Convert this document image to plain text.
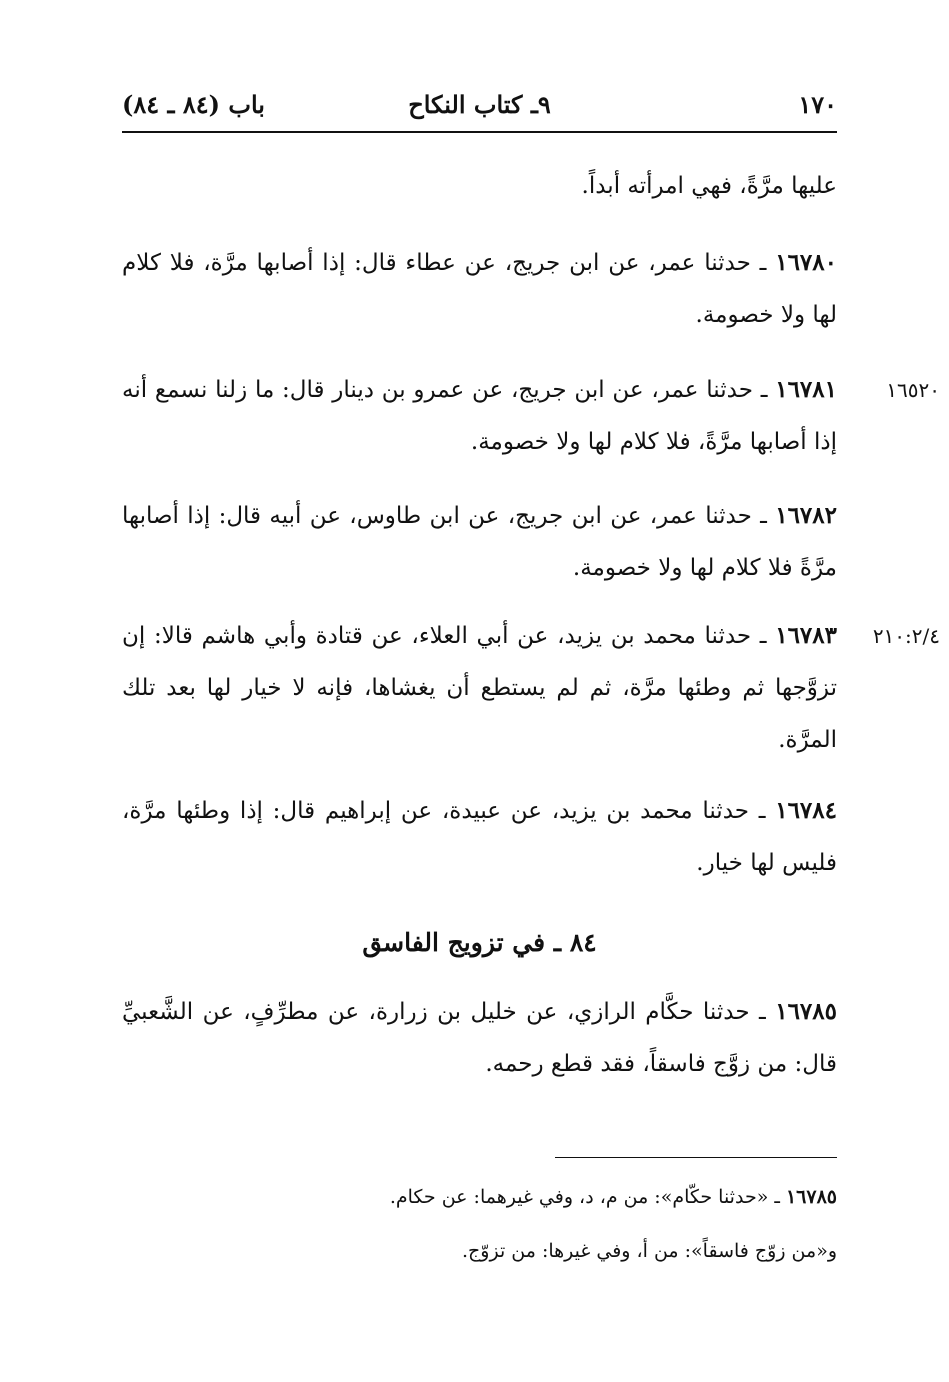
١٧٠
٩ـ كتاب النكاح
باب (٨٤ ـ ٨٤)
عليها مرَّةً، فهي امرأته أبداً.
١٦٧٨٠ ـ حدثنا عمر، عن ابن جريج، عن عطاء قال: إذا أصابها مرَّة، فلا كلام لها ولا خصومة.
١٦٥٢٠
١٦٧٨١ ـ حدثنا عمر، عن ابن جريج، عن عمرو بن دينار قال: ما زلنا نسمع أنه إذا أصابها مرَّةً، فلا كلام لها ولا خصومة.
١٦٧٨٢ ـ حدثنا عمر، عن ابن جريج، عن ابن طاوس، عن أبيه قال: إذا أصابها مرَّةً فلا كلام لها ولا خصومة.
٢١٠:٢/٤
١٦٧٨٣ ـ حدثنا محمد بن يزيد، عن أبي العلاء، عن قتادة وأبي هاشم قالا: إن تزوَّجها ثم وطئها مرَّة، ثم لم يستطع أن يغشاها، فإنه لا خيار لها بعد تلك المرَّة.
١٦٧٨٤ ـ حدثنا محمد بن يزيد، عن عبيدة، عن إبراهيم قال: إذا وطئها مرَّة، فليس لها خيار.
٨٤ ـ في تزويج الفاسق
١٦٧٨٥ ـ حدثنا حكَّام الرازي، عن خليل بن زرارة، عن مطرِّفٍ، عن الشَّعبيِّ قال: من زوَّج فاسقاً، فقد قطع رحمه.
١٦٧٨٥ ـ «حدثنا حكّام»: من م، د، وفي غيرهما: عن حكام.
و«من زوّج فاسقاً»: من أ، وفي غيرها: من تزوّج.
